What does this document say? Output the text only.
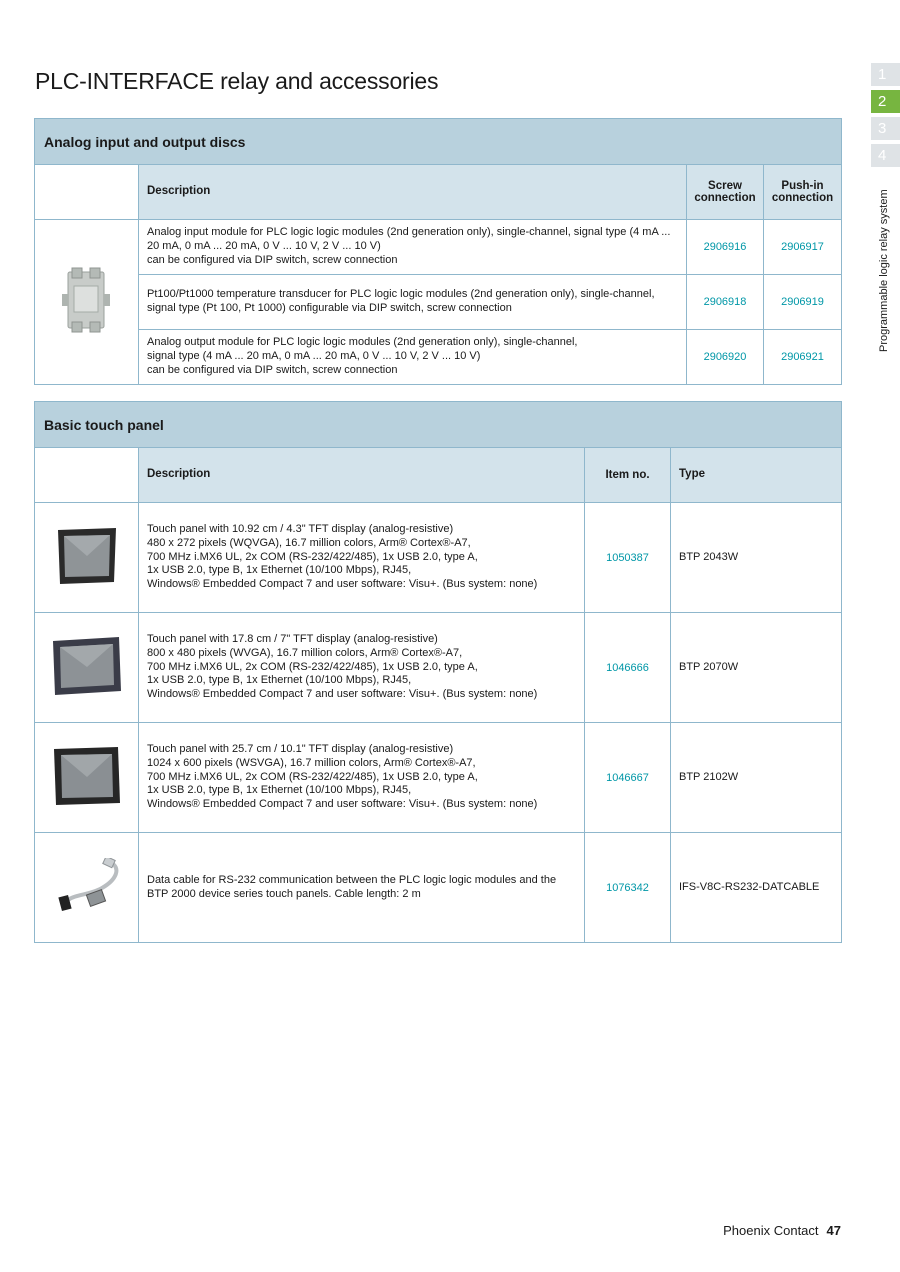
PLC-INTERFACE relay and accessories	1
2
3
4
Programmable logic relay system
Analog input and output discs			
	Description	Screw
connection	Push-in
connection
	Analog input module for PLC logic logic modules (2nd generation only), single-channel, signal type (4 mA ...
20 mA, 0 mA ... 20 mA, 0 V ... 10 V, 2 V ... 10 V)
can be configured via DIP switch, screw connection	2906916	2906917
	Pt100/Pt1000 temperature transducer for PLC logic logic modules (2nd generation only), single-channel,
signal type (Pt 100, Pt 1000) configurable via DIP switch, screw connection	2906918	2906919
	Analog output module for PLC logic logic modules (2nd generation only), single-channel,
signal type (4 mA ... 20 mA, 0 mA ... 20 mA, 0 V ... 10 V, 2 V ... 10 V)
can be configured via DIP switch, screw connection	2906920	2906921
Basic touch panel			
	Description	Item no.	Type
	Touch panel with 10.92 cm / 4.3" TFT display (analog-resistive)
480 x 272 pixels (WQVGA), 16.7 million colors, Arm® Cortex®-A7,
700 MHz i.MX6 UL, 2x COM (RS-232/422/485), 1x USB 2.0, type A,
1x USB 2.0, type B, 1x Ethernet (10/100 Mbps), RJ45,
Windows® Embedded Compact 7 and user software: Visu+. (Bus system: none)	1050387	BTP 2043W
	Touch panel with 17.8 cm / 7" TFT display (analog-resistive)
800 x 480 pixels (WVGA), 16.7 million colors, Arm® Cortex®-A7,
700 MHz i.MX6 UL, 2x COM (RS-232/422/485), 1x USB 2.0, type A,
1x USB 2.0, type B, 1x Ethernet (10/100 Mbps), RJ45,
Windows® Embedded Compact 7 and user software: Visu+. (Bus system: none)	1046666	BTP 2070W
	Touch panel with 25.7 cm / 10.1" TFT display (analog-resistive)
1024 x 600 pixels (WSVGA), 16.7 million colors, Arm® Cortex®-A7,
700 MHz i.MX6 UL, 2x COM (RS-232/422/485), 1x USB 2.0, type A,
1x USB 2.0, type B, 1x Ethernet (10/100 Mbps), RJ45,
Windows® Embedded Compact 7 and user software: Visu+. (Bus system: none)	1046667	BTP 2102W
	Data cable for RS-232 communication between the PLC logic logic modules and the
BTP 2000 device series touch panels. Cable length: 2 m	1076342	IFS-V8C-RS232-DATCABLE
Phoenix Contact 47
